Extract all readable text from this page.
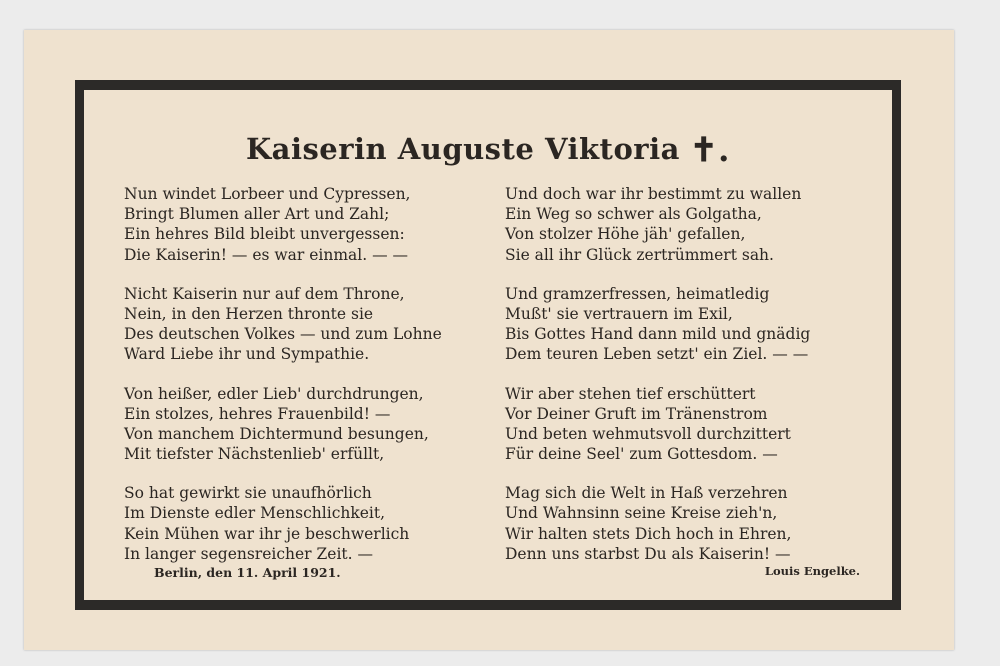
Kaiserin Auguste Viktoria ✝.
Nun windet Lorbeer und Cypressen,
Bringt Blumen aller Art und Zahl;
Ein hehres Bild bleibt unvergessen:
Die Kaiserin! — es war einmal. — —
Nicht Kaiserin nur auf dem Throne,
Nein, in den Herzen thronte sie
Des deutschen Volkes — und zum Lohne
Ward Liebe ihr und Sympathie.
Von heißer, edler Lieb' durchdrungen,
Ein stolzes, hehres Frauenbild! —
Von manchem Dichtermund besungen,
Mit tiefster Nächstenlieb' erfüllt,
So hat gewirkt sie unaufhörlich
Im Dienste edler Menschlichkeit,
Kein Mühen war ihr je beschwerlich
In langer segensreicher Zeit. —
Und doch war ihr bestimmt zu wallen
Ein Weg so schwer als Golgatha,
Von stolzer Höhe jäh' gefallen,
Sie all ihr Glück zertrümmert sah.
Und gramzerfressen, heimatledig
Mußt' sie vertrauern im Exil,
Bis Gottes Hand dann mild und gnädig
Dem teuren Leben setzt' ein Ziel. — —
Wir aber stehen tief erschüttert
Vor Deiner Gruft im Tränenstrom
Und beten wehmutsvoll durchzittert
Für deine Seel' zum Gottesdom. —
Mag sich die Welt in Haß verzehren
Und Wahnsinn seine Kreise zieh'n,
Wir halten stets Dich hoch in Ehren,
Denn uns starbst Du als Kaiserin! —
Berlin, den 11. April 1921.	Louis Engelke.
